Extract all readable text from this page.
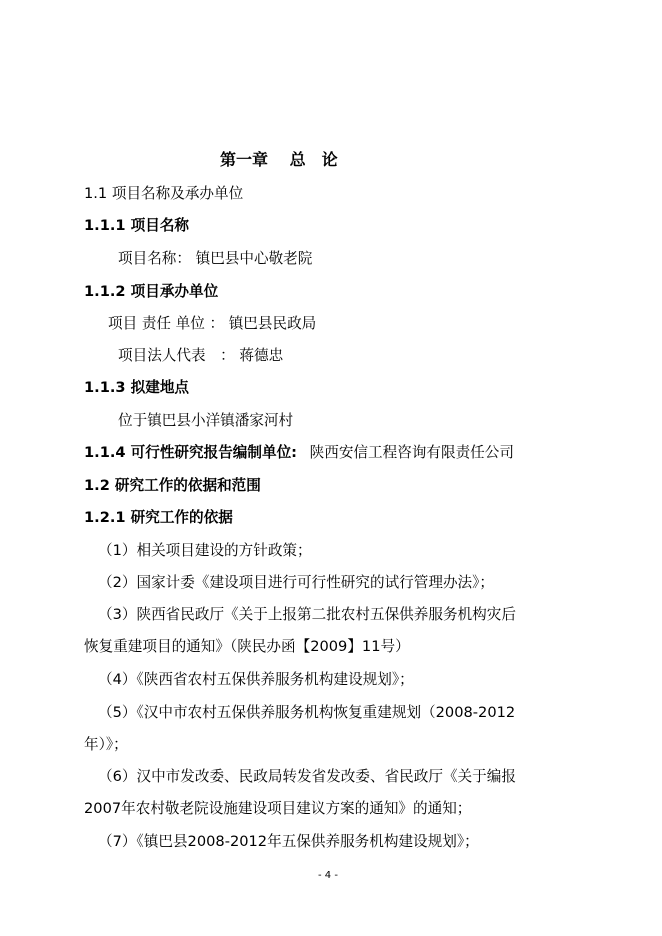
第一章　 总　论
1.1 项目名称及承办单位
1.1.1 项目名称
项目名称： 镇巴县中心敬老院
1.1.2 项目承办单位
项目 责任 单位 ： 镇巴县民政局
项目法人代表　： 蒋德忠
1.1.3 拟建地点
位于镇巴县小洋镇潘家河村
1.1.4 可行性研究报告编制单位: 陕西安信工程咨询有限责任公司
1.2 研究工作的依据和范围
1.2.1 研究工作的依据
（1）相关项目建设的方针政策；
（2）国家计委《建设项目进行可行性研究的试行管理办法》；
（3）陕西省民政厅《关于上报第二批农村五保供养服务机构灾后
恢复重建项目的通知》（陕民办函【2009】11号）
（4）《陕西省农村五保供养服务机构建设规划》；
（5）《汉中市农村五保供养服务机构恢复重建规划（2008-2012
年）》；
（6）汉中市发改委、民政局转发省发改委、省民政厅《关于编报
2007年农村敬老院设施建设项目建议方案的通知》的通知；
（7）《镇巴县2008-2012年五保供养服务机构建设规划》；
- 4 -
